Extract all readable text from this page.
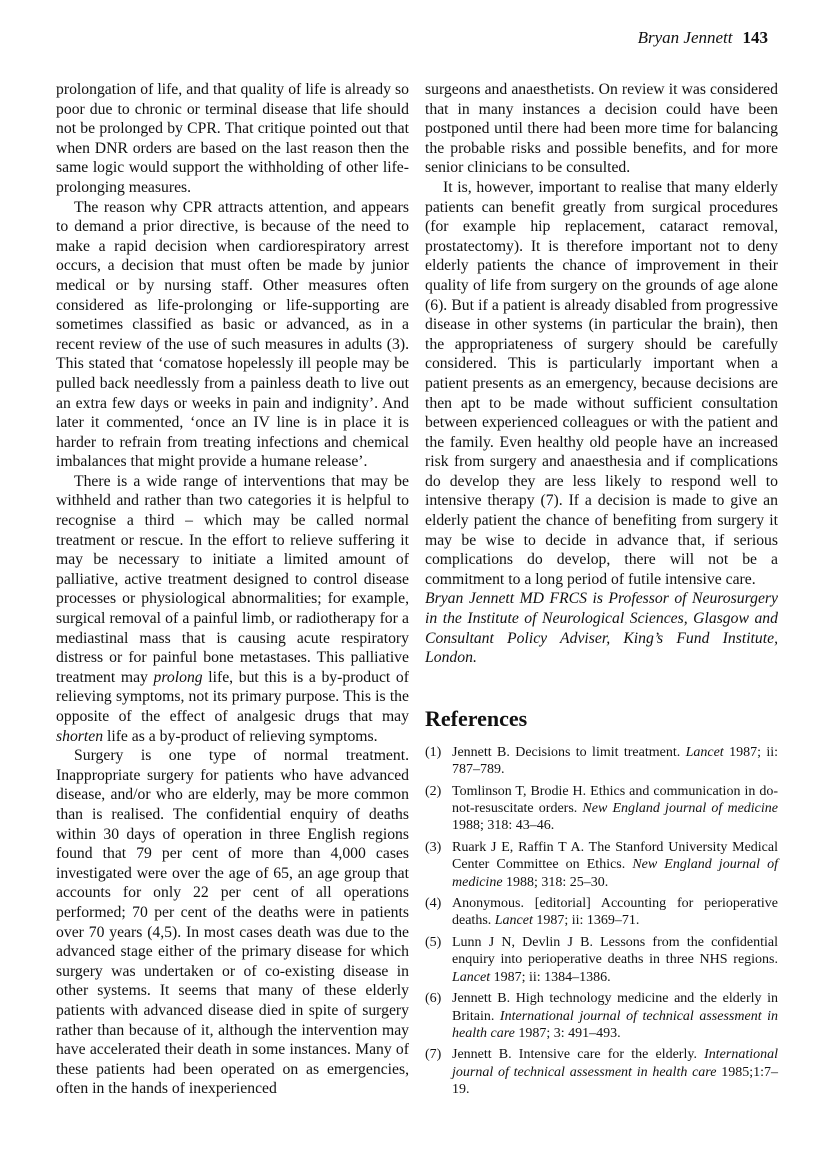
Bryan Jennett 143

prolongation of life, and that quality of life is already so poor due to chronic or terminal disease that life should not be prolonged by CPR. That critique pointed out that when DNR orders are based on the last reason then the same logic would support the withholding of other life-prolonging measures.

The reason why CPR attracts attention, and appears to demand a prior directive, is because of the need to make a rapid decision when cardiorespiratory arrest occurs, a decision that must often be made by junior medical or by nursing staff. Other measures often considered as life-prolonging or life-supporting are sometimes classified as basic or advanced, as in a recent review of the use of such measures in adults (3). This stated that ‘comatose hopelessly ill people may be pulled back needlessly from a painless death to live out an extra few days or weeks in pain and indignity’. And later it commented, ‘once an IV line is in place it is harder to refrain from treating infections and chemical imbalances that might provide a humane release’.

There is a wide range of interventions that may be withheld and rather than two categories it is helpful to recognise a third – which may be called normal treatment or rescue. In the effort to relieve suffering it may be necessary to initiate a limited amount of palliative, active treatment designed to control disease processes or physiological abnormalities; for example, surgical removal of a painful limb, or radiotherapy for a mediastinal mass that is causing acute respiratory distress or for painful bone metastases. This palliative treatment may prolong life, but this is a by-product of relieving symptoms, not its primary purpose. This is the opposite of the effect of analgesic drugs that may shorten life as a by-product of relieving symptoms.

Surgery is one type of normal treatment. Inappropriate surgery for patients who have advanced disease, and/or who are elderly, may be more common than is realised. The confidential enquiry of deaths within 30 days of operation in three English regions found that 79 per cent of more than 4,000 cases investigated were over the age of 65, an age group that accounts for only 22 per cent of all operations performed; 70 per cent of the deaths were in patients over 70 years (4,5). In most cases death was due to the advanced stage either of the primary disease for which surgery was undertaken or of co-existing disease in other systems. It seems that many of these elderly patients with advanced disease died in spite of surgery rather than because of it, although the intervention may have accelerated their death in some instances. Many of these patients had been operated on as emergencies, often in the hands of inexperienced

surgeons and anaesthetists. On review it was considered that in many instances a decision could have been postponed until there had been more time for balancing the probable risks and possible benefits, and for more senior clinicians to be consulted.

It is, however, important to realise that many elderly patients can benefit greatly from surgical procedures (for example hip replacement, cataract removal, prostatectomy). It is therefore important not to deny elderly patients the chance of improvement in their quality of life from surgery on the grounds of age alone (6). But if a patient is already disabled from progressive disease in other systems (in particular the brain), then the appropriateness of surgery should be carefully considered. This is particularly important when a patient presents as an emergency, because decisions are then apt to be made without sufficient consultation between experienced colleagues or with the patient and the family. Even healthy old people have an increased risk from surgery and anaesthesia and if complications do develop they are less likely to respond well to intensive therapy (7). If a decision is made to give an elderly patient the chance of benefiting from surgery it may be wise to decide in advance that, if serious complications do develop, there will not be a commitment to a long period of futile intensive care.

Bryan Jennett MD FRCS is Professor of Neurosurgery in the Institute of Neurological Sciences, Glasgow and Consultant Policy Adviser, King’s Fund Institute, London.

References
(1) Jennett B. Decisions to limit treatment. Lancet 1987; ii: 787–789.
(2) Tomlinson T, Brodie H. Ethics and communication in do-not-resuscitate orders. New England journal of medicine 1988; 318: 43–46.
(3) Ruark J E, Raffin T A. The Stanford University Medical Center Committee on Ethics. New England journal of medicine 1988; 318: 25–30.
(4) Anonymous. [editorial] Accounting for perioperative deaths. Lancet 1987; ii: 1369–71.
(5) Lunn J N, Devlin J B. Lessons from the confidential enquiry into perioperative deaths in three NHS regions. Lancet 1987; ii: 1384–1386.
(6) Jennett B. High technology medicine and the elderly in Britain. International journal of technical assessment in health care 1987; 3: 491–493.
(7) Jennett B. Intensive care for the elderly. International journal of technical assessment in health care 1985;1:7–19.
